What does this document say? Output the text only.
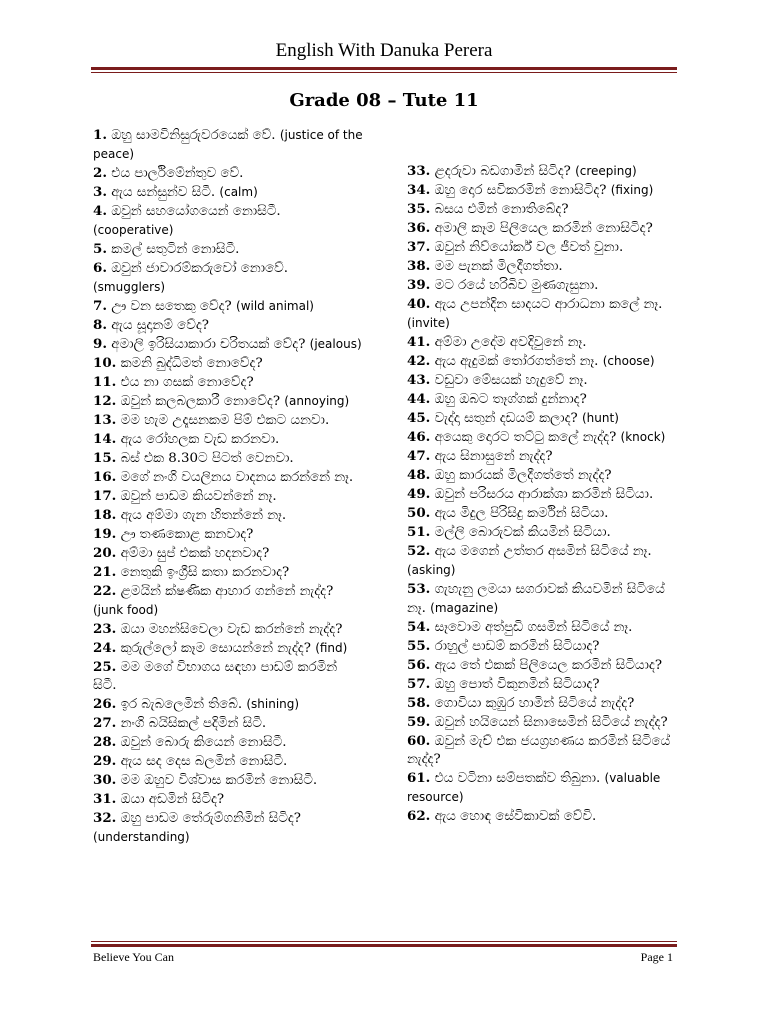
English With Danuka Perera
Grade 08 – Tute 11
1. ඔහු සාමවිනිසුරුවරයෙක් වේ. (justice of the peace)
2. එය පාර්ලිමේන්තුව වේ.
3. ඇය සන්සුන්ව සිටී. (calm)
4. ඔවුන් සහයෝගයෙන් නොසිටී. (cooperative)
5. කමල් සතුටින් නොසිටී.
6. ඔවුන් ජාවාරම්කරුවෝ නොවේ. (smugglers)
7. ඌ වන සතෙකු වේද? (wild animal)
8. ඇය සූදානම් වේද?
9. අමාලි ඉරිසියාකාරා චරිතයක් වේද? (jealous)
10. කමනි බුද්ධිමත් නොවේද?
11. එය නා ගසක් නොවේද?
12. ඔවුන් කලබලකාරී නොවේද? (annoying)
13. මම හැම උදෑසනකම පිම් එකට යනවා.
14. ඇය රෝහලක වැඩ කරනවා.
15. බස් එක 8.30ට පිටත් වෙනවා.
16. මගේ නංගි වයලිනය වාදනය කරන්නේ නෑ.
17. ඔවුන් පාඩම කියවන්නේ නෑ.
18. ඇය අම්මා ගැන හිතන්නේ නෑ.
19. ඌ තණකොළ කනවාද?
20. අම්මා සුප් එකක් හදනවාද?
21. නෙතුකි ඉංග්‍රීසි කතා කරනවාද?
22. ළමයින් ක්ෂණික ආහාර ගන්නේ නැද්ද? (junk food)
23. ඔයා මහන්සිවෙලා වැඩ කරන්නේ නැද්ද?
24. කුරුල්ලෝ කෑම සොයන්නේ නැද්ද? (find)
25. මම මගේ විභාගය සඳහා පාඩම් කරමින් සිටී.
26. ඉර බැබලෙමින් තිබේ. (shining)
27. නංගි බයිසිකල් පදිමින් සිටී.
28. ඔවුන් බොරු කියෙන් නොසිටී.
29. ඇය සද දෙස බලමින් නොසිටී.
30. මම ඔහුව විශ්වාස කරමින් නොසිටී.
31. ඔයා අඩමින් සිටිද?
32. ඔහු පාඩම තේරුම්ගනිමින් සිටිද? (understanding)
33. ළදරුවා බඩගාමින් සිටිද? (creeping)
34. ඔහු දොර සවිකරමින් නොසිටිද? (fixing)
35. බසය එමින් නොතිබේද?
36. අමාලි කෑම පිලියෙල කරමින් නොසිටිද?
37. ඔවුන් නිව්යෝර්ක් වල ජීවත් වුනා.
38. මම පැනක් මිලදීගත්තා.
39. මට රයේ හරිබිව මුණගැසුනා.
40. ඇය උපන්දින සාදයට ආරාධනා කලේ නෑ. (invite)
41. අම්මා උදේම අවදිවුනේ නෑ.
42. ඇය ඇදුමක් තෝරගත්තේ නෑ. (choose)
43. වඩුවා මේසයක් හැදුවේ නෑ.
44. ඔහු ඔබට තෑග්ගක් දුන්නාද?
45. වැද්දා සතුන් දඩයම් කලාද? (hunt)
46. අයෙකු දොරට තට්ටු කලේ නැද්ද? (knock)
47. ඇය සිනාසුනේ නැද්ද?
48. ඔහු කාරයක් මිලදීගත්තේ නැද්ද?
49. ඔවුන් පරිසරය ආරාක්ශා කරමින් සිටියා.
50. ඇය මිදුල පිරිසිදු කර්මින් සිටියා.
51. මල්ලි බොරුවක් කියමින් සිටියා.
52. ඇය මගෙන් උත්තර අසමින් සිටියේ නෑ. (asking)
53. ගැහැනු ලමයා සගරාවක් කියවමින් සිටියේ නෑ. (magazine)
54. සෑවොම අත්පුඩි ගසමින් සිටියේ නෑ.
55. රාහුල් පාඩම් කරමින් සිටියාද?
56. ඇය තේ එකක් පිලියෙල කරමින් සිටියාද?
57. ඔහු පොත් විකුනමින් සිටියාද?
58. ගොවියා කුඹුර හාමින් සිටියේ නැද්ද?
59. ඔවුන් හයියෙන් සිනාසෙමින් සිටියේ නැද්ද?
60. ඔවුන් මැච් එක ජයග්‍රහණය කරමින් සිටියේ නැද්ද?
61. එය වටිනා සම්පතක්ව තිබුනා. (valuable resource)
62. ඇය හොඳ සේවිකාවක් වේවි.
Believe You Can	Page 1
